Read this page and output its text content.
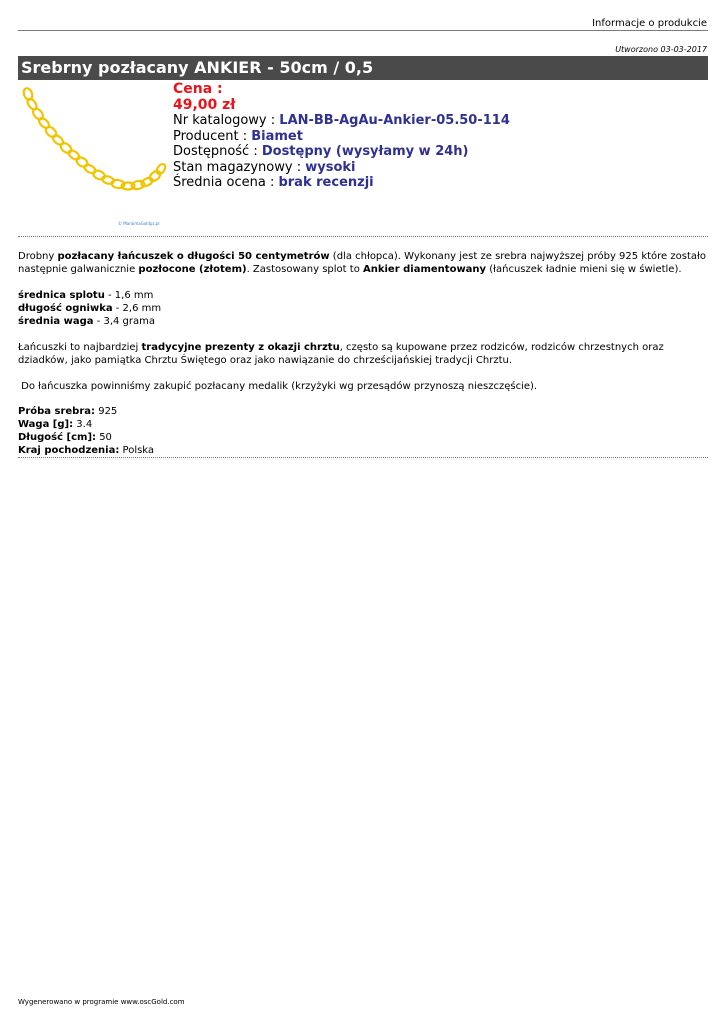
Informacje o produkcie
Utworzono 03-03-2017
Srebrny pozłacany ANKIER - 50cm / 0,5
© MaraimaGoldpz.pl
Cena :
49,00 zł
Nr katalogowy : LAN-BB-AgAu-Ankier-05.50-114
Producent : Biamet
Dostępność : Dostępny (wysyłamy w 24h)
Stan magazynowy : wysoki
Średnia ocena : brak recenzji

Drobny pozłacany łańcuszek o długości 50 centymetrów (dla chłopca). Wykonany jest ze srebra najwyższej próby 925 które zostało następnie galwanicznie pozłocone (złotem). Zastosowany splot to Ankier diamentowany (łańcuszek ładnie mieni się w świetle).

średnica splotu - 1,6 mm
długość ogniwka - 2,6 mm
średnia waga - 3,4 grama

Łańcuszki to najbardziej tradycyjne prezenty z okazji chrztu, często są kupowane przez rodziców, rodziców chrzestnych oraz dziadków, jako pamiątka Chrztu Świętego oraz jako nawiązanie do chrześcijańskiej tradycji Chrztu.

Do łańcuszka powinniśmy zakupić pozłacany medalik (krzyżyki wg przesądów przynoszą nieszczęście).
Próba srebra: 925
Waga [g]: 3.4
Długość [cm]: 50
Kraj pochodzenia: Polska
Wygenerowano w programie www.oscGold.com
